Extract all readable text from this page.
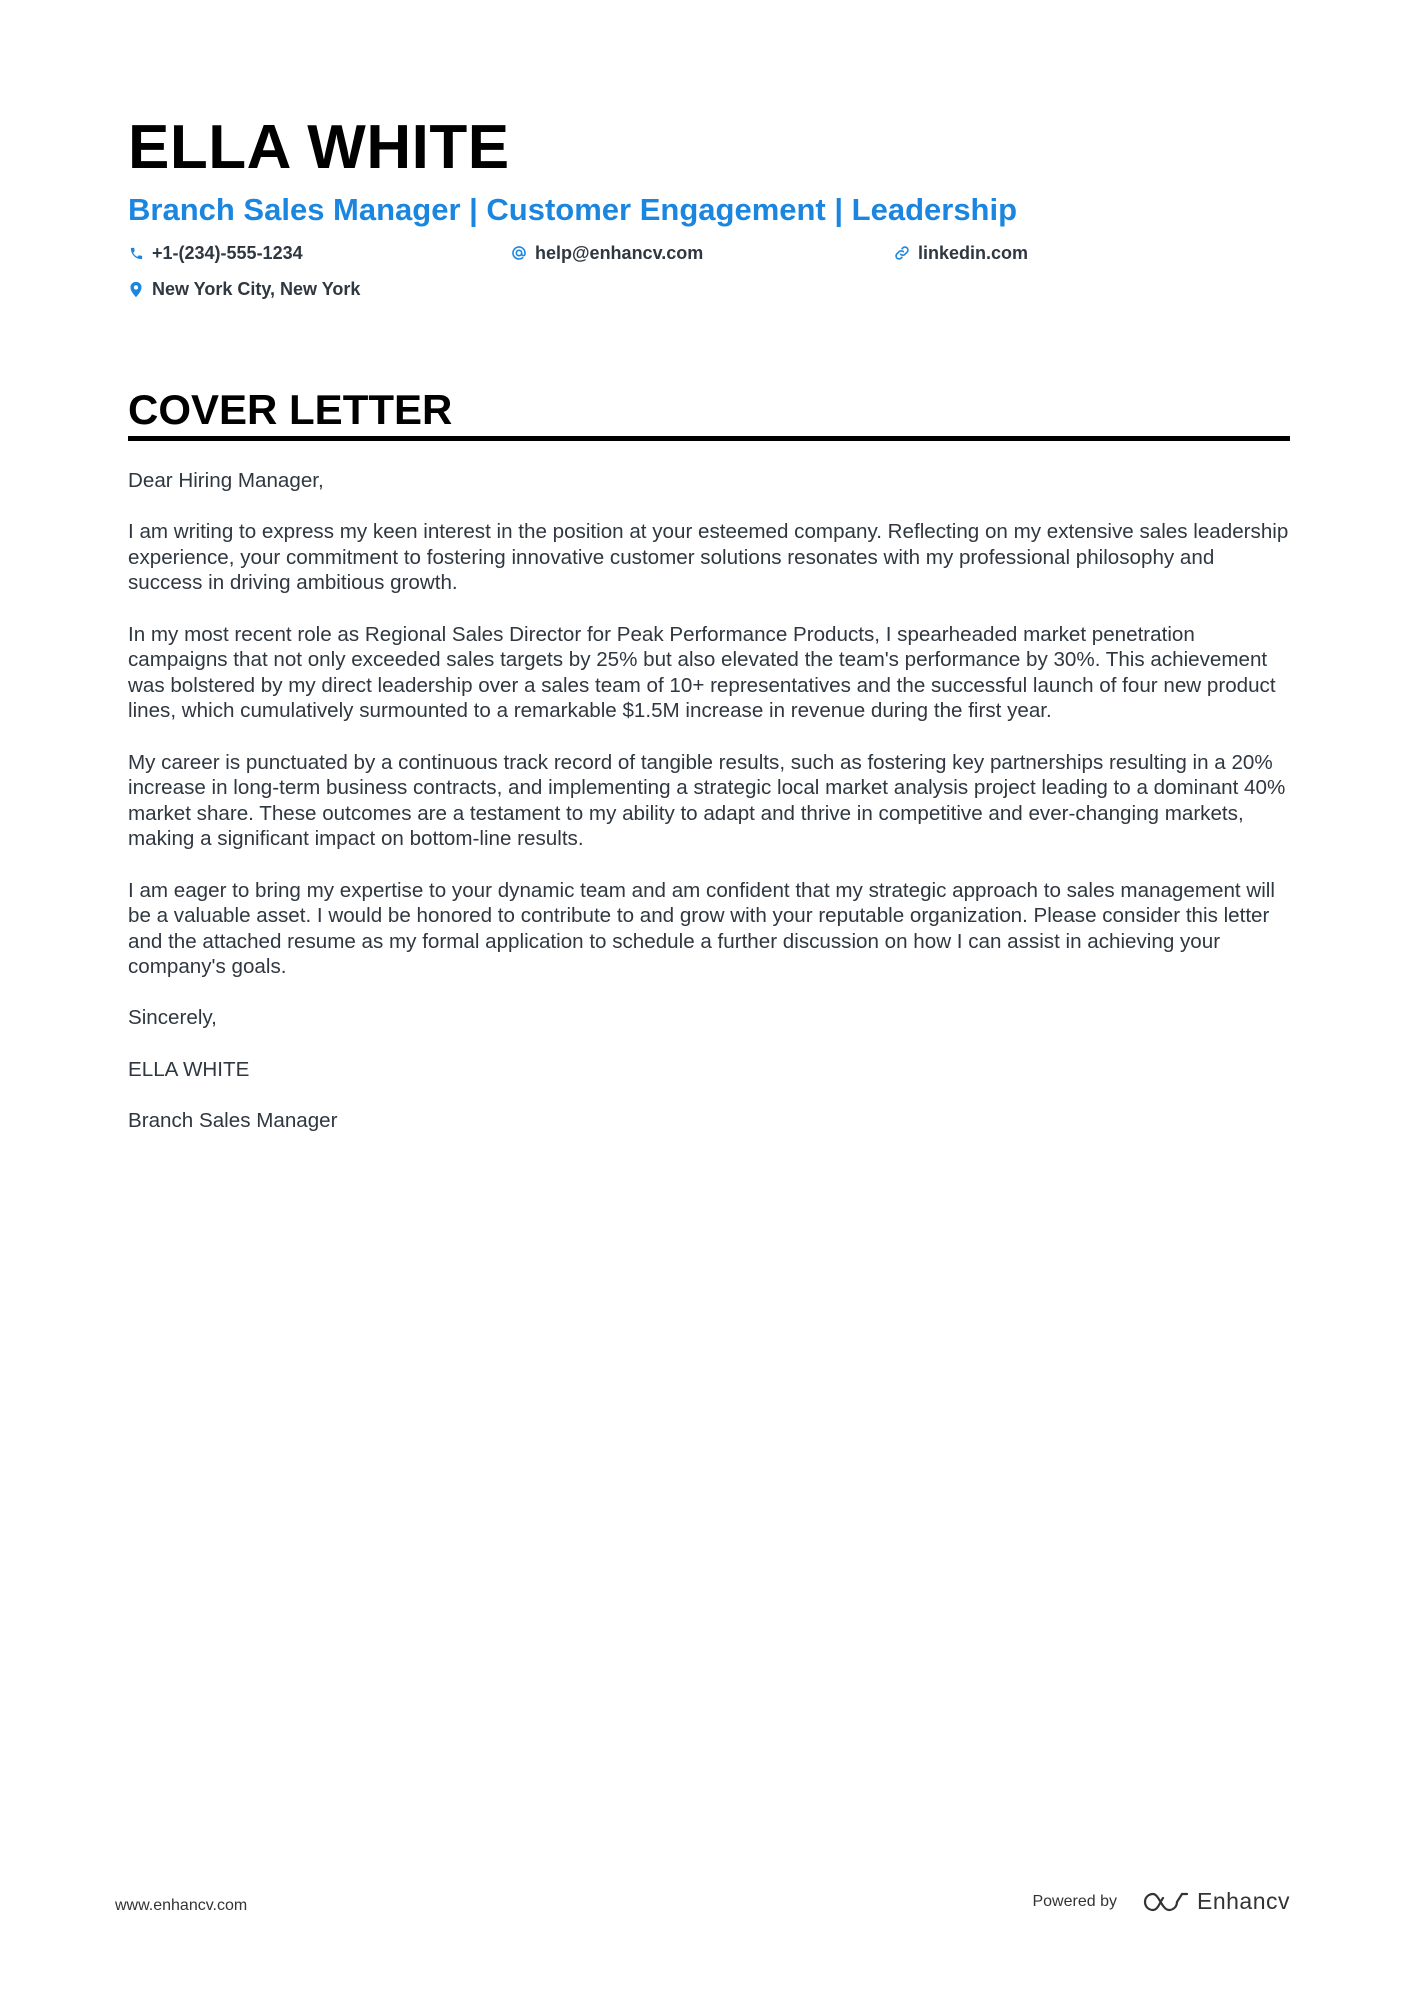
ELLA WHITE
Branch Sales Manager | Customer Engagement | Leadership
+1-(234)-555-1234	help@enhancv.com	linkedin.com
New York City, New York
COVER LETTER

Dear Hiring Manager,

I am writing to express my keen interest in the position at your esteemed company. Reflecting on my extensive sales leadership experience, your commitment to fostering innovative customer solutions resonates with my professional philosophy and success in driving ambitious growth.

In my most recent role as Regional Sales Director for Peak Performance Products, I spearheaded market penetration campaigns that not only exceeded sales targets by 25% but also elevated the team's performance by 30%. This achievement was bolstered by my direct leadership over a sales team of 10+ representatives and the successful launch of four new product lines, which cumulatively surmounted to a remarkable $1.5M increase in revenue during the first year.

My career is punctuated by a continuous track record of tangible results, such as fostering key partnerships resulting in a 20% increase in long-term business contracts, and implementing a strategic local market analysis project leading to a dominant 40% market share. These outcomes are a testament to my ability to adapt and thrive in competitive and ever-changing markets, making a significant impact on bottom-line results.

I am eager to bring my expertise to your dynamic team and am confident that my strategic approach to sales management will be a valuable asset. I would be honored to contribute to and grow with your reputable organization. Please consider this letter and the attached resume as my formal application to schedule a further discussion on how I can assist in achieving your company's goals.

Sincerely,

ELLA WHITE

Branch Sales Manager

www.enhancv.com	Powered by	Enhancv
